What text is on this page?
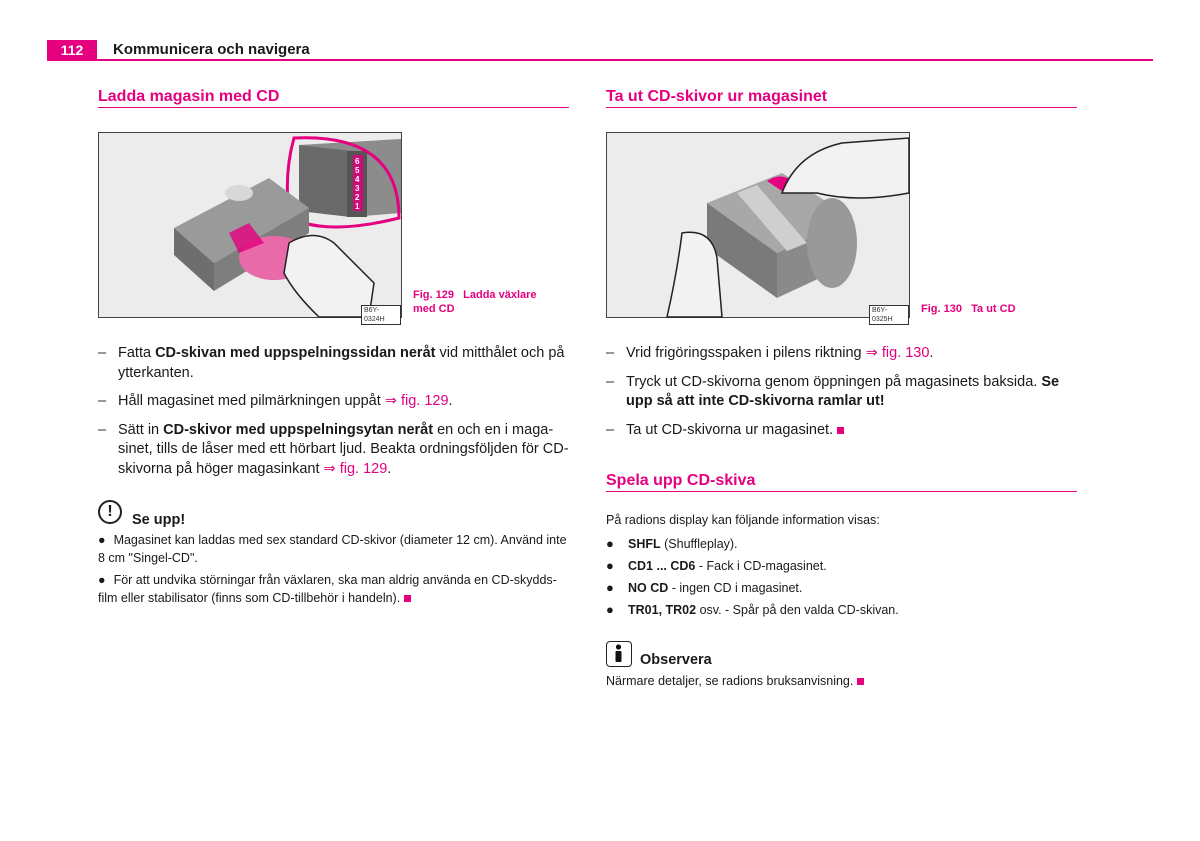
112	Kommunicera och navigera
Ladda magasin med CD
6
5
4
3
2
1
B6Y-0324H
Fig. 129 Ladda växlare
med CD
– Fatta CD-skivan med uppspelningssidan neråt vid mitthålet och på ytterkanten.
– Håll magasinet med pilmärkningen uppåt ⇒ fig. 129.
– Sätt in CD-skivor med uppspelningsytan neråt en och en i maga-sinet, tills de låser med ett hörbart ljud. Beakta ordningsföljden för CD-skivorna på höger magasinkant ⇒ fig. 129.
!	Se upp!
● Magasinet kan laddas med sex standard CD-skivor (diameter 12 cm). Använd inte 8 cm "Singel-CD".
● För att undvika störningar från växlaren, ska man aldrig använda en CD-skydds-film eller stabilisator (finns som CD-tillbehör i handeln).
Ta ut CD-skivor ur magasinet
B6Y-0325H
Fig. 130 Ta ut CD
– Vrid frigöringsspaken i pilens riktning ⇒ fig. 130.
– Tryck ut CD-skivorna genom öppningen på magasinets baksida. Se upp så att inte CD-skivorna ramlar ut!
– Ta ut CD-skivorna ur magasinet.
Spela upp CD-skiva
På radions display kan följande information visas:
● SHFL (Shuffleplay).
● CD1 ... CD6 - Fack i CD-magasinet.
● NO CD - ingen CD i magasinet.
● TR01, TR02 osv. - Spår på den valda CD-skivan.
Observera
Närmare detaljer, se radions bruksanvisning.
